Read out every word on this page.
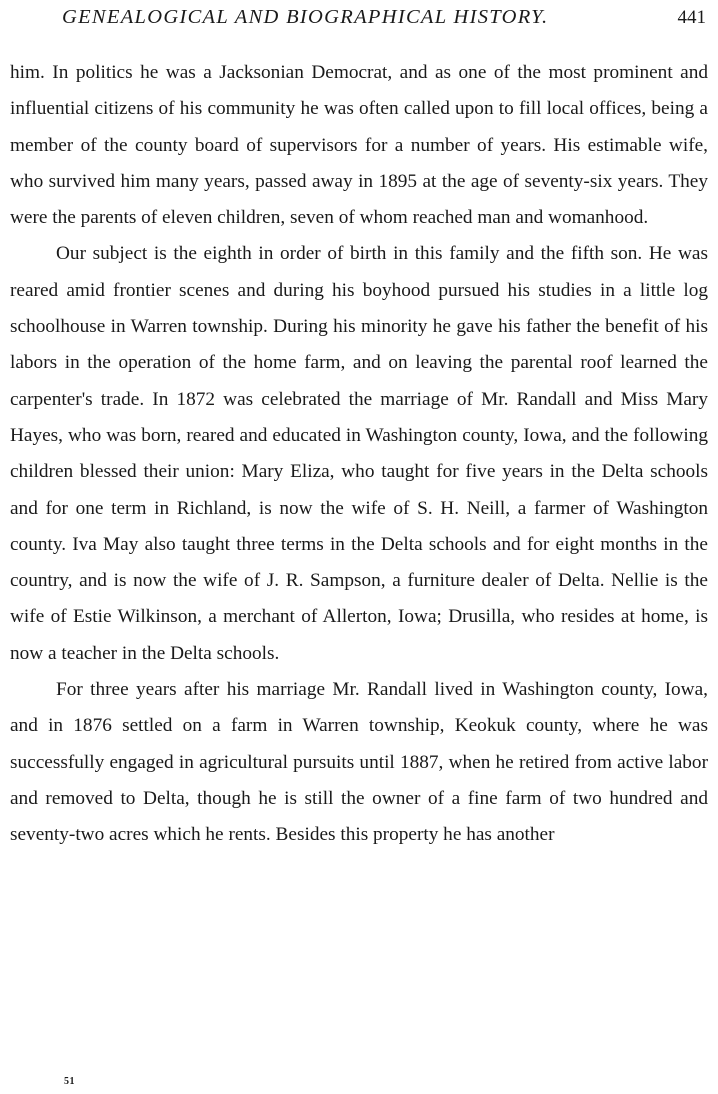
GENEALOGICAL AND BIOGRAPHICAL HISTORY.	441

him. In politics he was a Jacksonian Democrat, and as one of the most prominent and influential citizens of his community he was often called upon to fill local offices, being a member of the county board of supervisors for a number of years. His estimable wife, who survived him many years, passed away in 1895 at the age of seventy-six years. They were the parents of eleven children, seven of whom reached man and womanhood.

Our subject is the eighth in order of birth in this family and the fifth son. He was reared amid frontier scenes and during his boyhood pursued his studies in a little log schoolhouse in Warren township. During his minority he gave his father the benefit of his labors in the operation of the home farm, and on leaving the parental roof learned the carpenter's trade. In 1872 was celebrated the marriage of Mr. Randall and Miss Mary Hayes, who was born, reared and educated in Washington county, Iowa, and the following children blessed their union: Mary Eliza, who taught for five years in the Delta schools and for one term in Richland, is now the wife of S. H. Neill, a farmer of Washington county. Iva May also taught three terms in the Delta schools and for eight months in the country, and is now the wife of J. R. Sampson, a furniture dealer of Delta. Nellie is the wife of Estie Wilkinson, a merchant of Allerton, Iowa; Drusilla, who resides at home, is now a teacher in the Delta schools.

For three years after his marriage Mr. Randall lived in Washington county, Iowa, and in 1876 settled on a farm in Warren township, Keokuk county, where he was successfully engaged in agricultural pursuits until 1887, when he retired from active labor and removed to Delta, though he is still the owner of a fine farm of two hundred and seventy-two acres which he rents. Besides this property he has another

51
